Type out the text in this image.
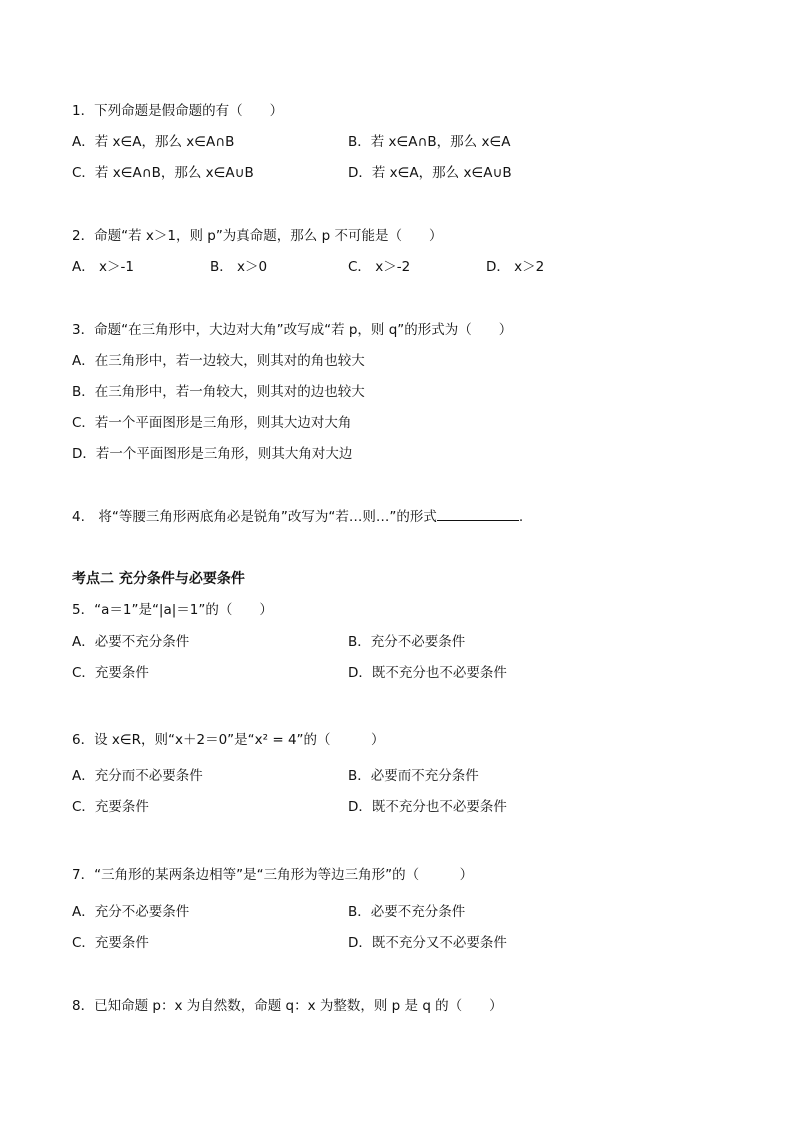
1．下列命题是假命题的有（　　）
A．若 x∈A，那么 x∈A∩B	B．若 x∈A∩B，那么 x∈A
C．若 x∈A∩B，那么 x∈A∪B	D．若 x∈A，那么 x∈A∪B
2．命题“若 x＞1，则 p”为真命题，那么 p 不可能是（　　）
A． x＞-1	B． x＞0	C． x＞-2	D． x＞2
3．命题“在三角形中，大边对大角”改写成“若 p，则 q”的形式为（　　）
A．在三角形中，若一边较大，则其对的角也较大
B．在三角形中，若一角较大，则其对的边也较大
C．若一个平面图形是三角形，则其大边对大角
D．若一个平面图形是三角形，则其大角对大边
4.　将“等腰三角形两底角必是锐角”改写为“若…则…”的形式	.
考点二 充分条件与必要条件
5．“a＝1”是“|a|＝1”的（　　）
A．必要不充分条件	B．充分不必要条件
C．充要条件	D．既不充分也不必要条件
6．设 x∈R，则“x＋2＝0”是“x² = 4”的（　　　）
A．充分而不必要条件	B．必要而不充分条件
C．充要条件	D．既不充分也不必要条件
7．“三角形的某两条边相等”是“三角形为等边三角形”的（　　　）
A．充分不必要条件	B．必要不充分条件
C．充要条件	D．既不充分又不必要条件
8．已知命题 p：x 为自然数，命题 q：x 为整数，则 p 是 q 的（　　）
